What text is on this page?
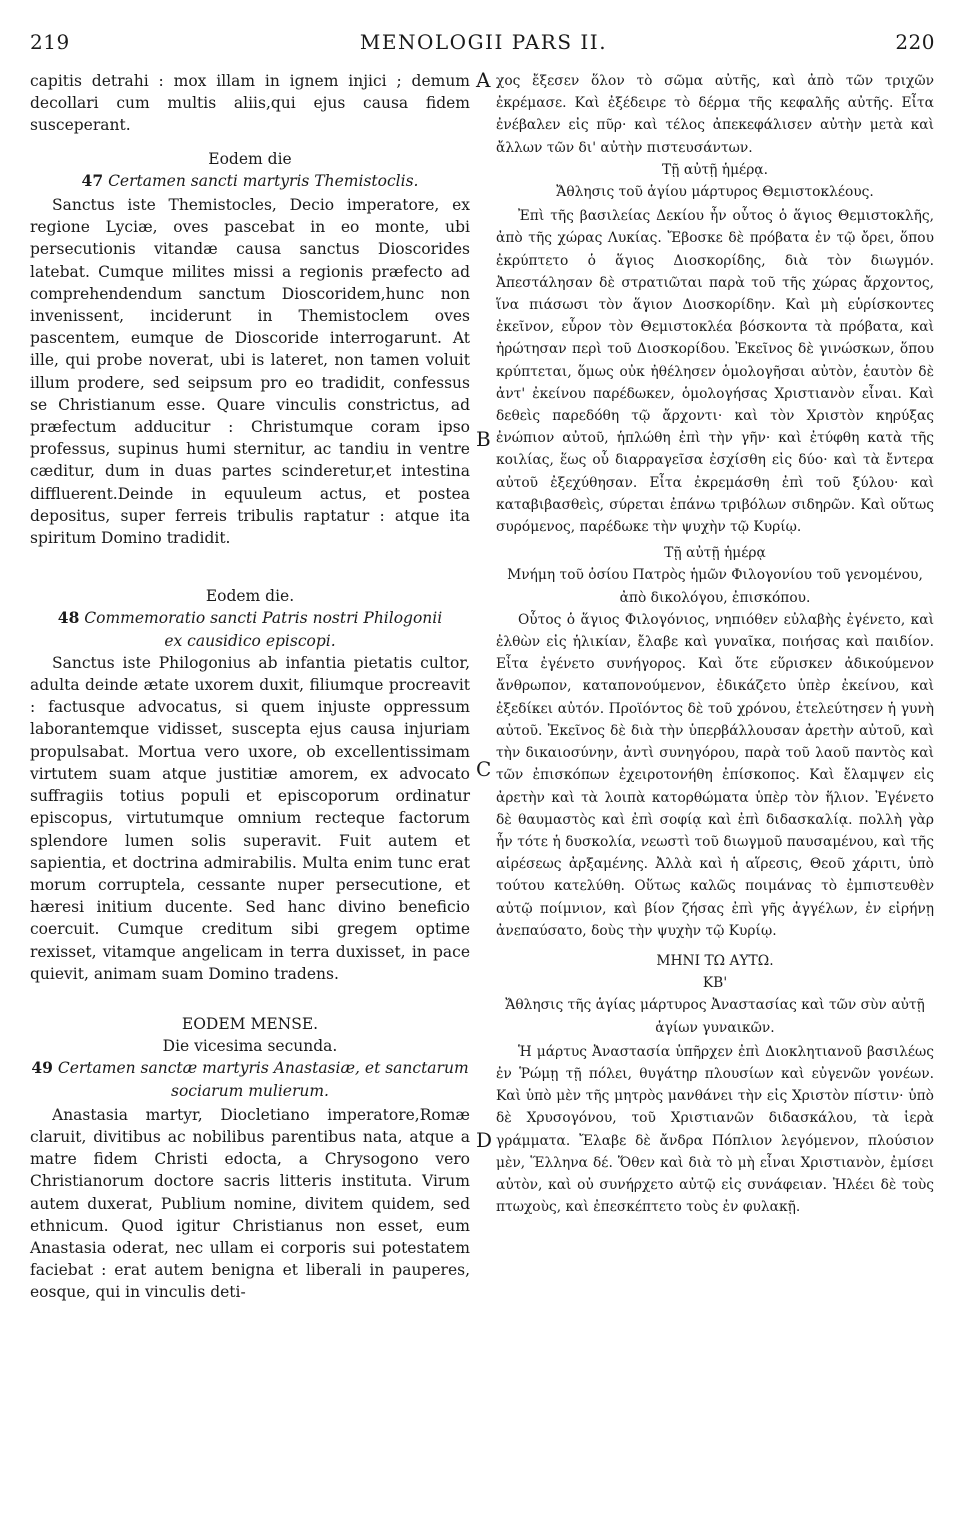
219	MENOLOGII PARS II.	220
A
B
C
D
capitis detrahi : mox illam in ignem injici ; demum decollari cum multis aliis,qui ejus causa fidem susceperant.
Eodem die
47 Certamen sancti martyris Themistoclis.
Sanctus iste Themistocles, Decio imperatore, ex regione Lyciæ, oves pascebat in eo monte, ubi persecutionis vitandæ causa sanctus Dioscorides latebat. Cumque milites missi a regionis præfecto ad comprehendendum sanctum Dioscoridem,hunc non invenissent, inciderunt in Themistoclem oves pascentem, eumque de Dioscoride interrogarunt. At ille, qui probe noverat, ubi is lateret, non tamen voluit illum prodere, sed seipsum pro eo tradidit, confessus se Christianum esse. Quare vinculis constrictus, ad præfectum adducitur : Christumque coram ipso professus, supinus humi sternitur, ac tandiu in ventre cæditur, dum in duas partes scinderetur,et intestina diffluerent.Deinde in equuleum actus, et postea depositus, super ferreis tribulis raptatur : atque ita spiritum Domino tradidit.
Eodem die.
48 Commemoratio sancti Patris nostri Philogonii
ex causidico episcopi.
Sanctus iste Philogonius ab infantia pietatis cultor, adulta deinde ætate uxorem duxit, filiumque procreavit : factusque advocatus, si quem injuste oppressum laborantemque vidisset, suscepta ejus causa injuriam propulsabat. Mortua vero uxore, ob excellentissimam virtutem suam atque justitiæ amorem, ex advocato suffragiis totius populi et episcoporum ordinatur episcopus, virtutumque omnium recteque factorum splendore lumen solis superavit. Fuit autem et sapientia, et doctrina admirabilis. Multa enim tunc erat morum corruptela, cessante nuper persecutione, et hæresi initium ducente. Sed hanc divino beneficio coercuit. Cumque creditum sibi gregem optime rexisset, vitamque angelicam in terra duxisset, in pace quievit, animam suam Domino tradens.
EODEM MENSE.
Die vicesima secunda.
49 Certamen sanctæ martyris Anastasiæ, et sanctarum sociarum mulierum.
Anastasia martyr, Diocletiano imperatore,Romæ claruit, divitibus ac nobilibus parentibus nata, atque a matre fidem Christi edocta, a Chrysogono vero Christianorum doctore sacris litteris instituta. Virum autem duxerat, Publium nomine, divitem quidem, sed ethnicum. Quod igitur Christianus non esset, eum Anastasia oderat, nec ullam ei corporis sui potestatem faciebat : erat autem benigna et liberali in pauperes, eosque, qui in vinculis deti-
χος ἔξεσεν ὅλον τὸ σῶμα αὐτῆς, καὶ ἀπὸ τῶν τριχῶν ἐκρέμασε. Καὶ ἐξέδειρε τὸ δέρμα τῆς κεφαλῆς αὐτῆς. Εἶτα ἐνέβαλεν εἰς πῦρ· καὶ τέλος ἀπεκεφάλισεν αὐτὴν μετὰ καὶ ἄλλων τῶν δι' αὐτὴν πιστευσάντων.
Τῇ αὐτῇ ἡμέρᾳ.
Ἄθλησις τοῦ ἁγίου μάρτυρος Θεμιστοκλέους.
Ἐπὶ τῆς βασιλείας Δεκίου ἦν οὗτος ὁ ἅγιος Θεμιστοκλῆς, ἀπὸ τῆς χώρας Λυκίας. Ἔβοσκε δὲ πρόβατα ἐν τῷ ὄρει, ὅπου ἐκρύπτετο ὁ ἅγιος Διοσκορίδης, διὰ τὸν διωγμόν. Ἀπεστάλησαν δὲ στρατιῶται παρὰ τοῦ τῆς χώρας ἄρχοντος, ἵνα πιάσωσι τὸν ἅγιον Διοσκορίδην. Καὶ μὴ εὑρίσκοντες ἐκεῖνον, εὗρον τὸν Θεμιστοκλέα βόσκοντα τὰ πρόβατα, καὶ ἠρώτησαν περὶ τοῦ Διοσκορίδου. Ἐκεῖνος δὲ γινώσκων, ὅπου κρύπτεται, ὅμως οὐκ ἠθέλησεν ὁμολογῆσαι αὐτὸν, ἑαυτὸν δὲ ἀντ' ἐκείνου παρέδωκεν, ὁμολογήσας Χριστιανὸν εἶναι. Καὶ δεθεὶς παρεδόθη τῷ ἄρχοντι· καὶ τὸν Χριστὸν κηρύξας ἐνώπιον αὐτοῦ, ἡπλώθη ἐπὶ τὴν γῆν· καὶ ἐτύφθη κατὰ τῆς κοιλίας, ἕως οὗ διαρραγεῖσα ἐσχίσθη εἰς δύο· καὶ τὰ ἔντερα αὐτοῦ ἐξεχύθησαν. Εἶτα ἐκρεμάσθη ἐπὶ τοῦ ξύλου· καὶ καταβιβασθεὶς, σύρεται ἐπάνω τριβόλων σιδηρῶν. Καὶ οὕτως συρόμενος, παρέδωκε τὴν ψυχὴν τῷ Κυρίῳ.
Τῇ αὐτῇ ἡμέρᾳ
Μνήμη τοῦ ὁσίου Πατρὸς ἡμῶν Φιλογονίου τοῦ γενομένου, ἀπὸ δικολόγου, ἐπισκόπου.
Οὗτος ὁ ἅγιος Φιλογόνιος, νηπιόθεν εὐλαβὴς ἐγένετο, καὶ ἐλθὼν εἰς ἡλικίαν, ἔλαβε καὶ γυναῖκα, ποιήσας καὶ παιδίον. Εἶτα ἐγένετο συνήγορος. Καὶ ὅτε εὕρισκεν ἀδικούμενον ἄνθρωπον, καταπονούμενον, ἐδικάζετο ὑπὲρ ἐκείνου, καὶ ἐξεδίκει αὐτόν. Προϊόντος δὲ τοῦ χρόνου, ἐτελεύτησεν ἡ γυνὴ αὐτοῦ. Ἐκεῖνος δὲ διὰ τὴν ὑπερβάλλουσαν ἀρετὴν αὐτοῦ, καὶ τὴν δικαιοσύνην, ἀντὶ συνηγόρου, παρὰ τοῦ λαοῦ παντὸς καὶ τῶν ἐπισκόπων ἐχειροτονήθη ἐπίσκοπος. Καὶ ἔλαμψεν εἰς ἀρετὴν καὶ τὰ λοιπὰ κατορθώματα ὑπὲρ τὸν ἥλιον. Ἐγένετο δὲ θαυμαστὸς καὶ ἐπὶ σοφίᾳ καὶ ἐπὶ διδασκαλίᾳ. πολλὴ γὰρ ἦν τότε ἡ δυσκολία, νεωστὶ τοῦ διωγμοῦ παυσαμένου, καὶ τῆς αἱρέσεως ἀρξαμένης. Ἀλλὰ καὶ ἡ αἵρεσις, Θεοῦ χάριτι, ὑπὸ τούτου κατελύθη. Οὕτως καλῶς ποιμάνας τὸ ἐμπιστευθὲν αὐτῷ ποίμνιον, καὶ βίον ζήσας ἐπὶ γῆς ἀγγέλων, ἐν εἰρήνῃ ἀνεπαύσατο, δοὺς τὴν ψυχὴν τῷ Κυρίῳ.
ΜΗΝΙ ΤΩ ΑΥΤΩ.
ΚΒ'
Ἄθλησις τῆς ἁγίας μάρτυρος Ἀναστασίας καὶ τῶν σὺν αὐτῇ ἁγίων γυναικῶν.
Ἡ μάρτυς Ἀναστασία ὑπῆρχεν ἐπὶ Διοκλητιανοῦ βασιλέως ἐν Ῥώμῃ τῇ πόλει, θυγάτηρ πλουσίων καὶ εὐγενῶν γονέων. Καὶ ὑπὸ μὲν τῆς μητρὸς μανθάνει τὴν εἰς Χριστὸν πίστιν· ὑπὸ δὲ Χρυσογόνου, τοῦ Χριστιανῶν διδασκάλου, τὰ ἱερὰ γράμματα. Ἔλαβε δὲ ἄνδρα Πόπλιον λεγόμενον, πλούσιον μὲν, Ἕλληνα δέ. Ὅθεν καὶ διὰ τὸ μὴ εἶναι Χριστιανὸν, ἐμίσει αὐτὸν, καὶ οὐ συνήρχετο αὐτῷ εἰς συνάφειαν. Ἠλέει δὲ τοὺς πτωχοὺς, καὶ ἐπεσκέπτετο τοὺς ἐν φυλακῇ.
